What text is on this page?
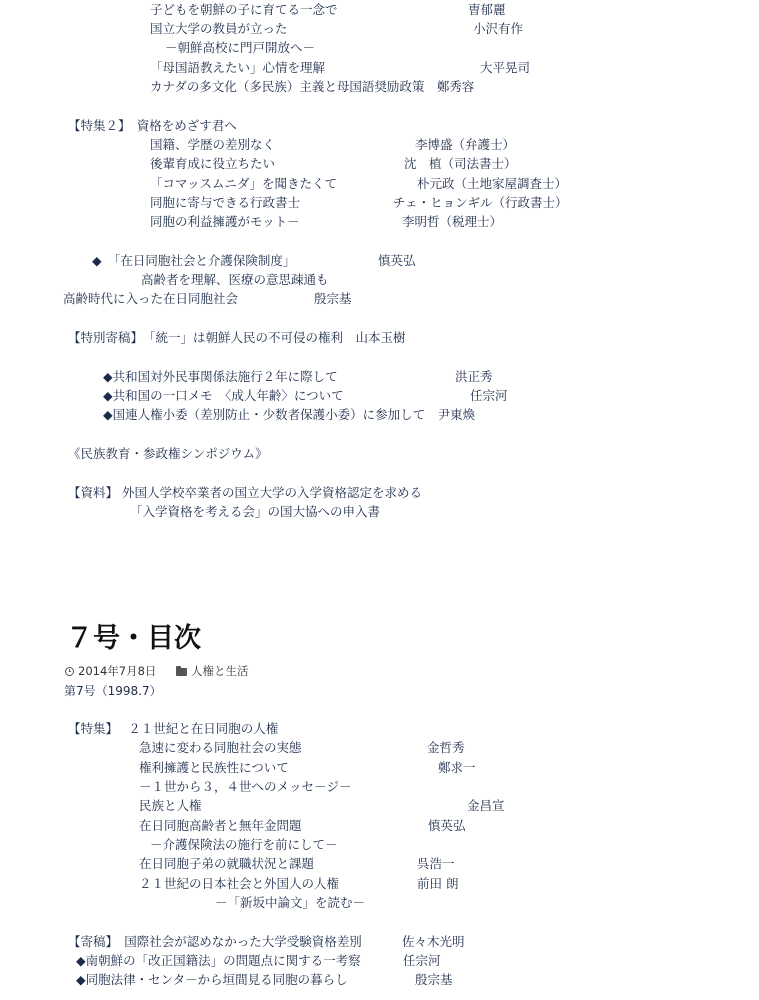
子どもを朝鮮の子に育てる一念で	曺郁麗
国立大学の教員が立った	小沢有作
－朝鮮高校に門戸開放へ－
「母国語教えたい」心情を理解	大平晃司
カナダの多文化（多民族）主義と母国語奨励政策　鄭秀容
【特集２】　資格をめざす君へ
国籍、学歴の差別なく	李博盛（弁護士）
後輩育成に役立ちたい	沈　植（司法書士）
「コマッスムニダ」を聞きたくて	朴元政（土地家屋調査士）
同胞に寄与できる行政書士	チェ・ヒョンギル（行政書士）
同胞の利益擁護がモット－	李明哲（税理士）
◆　「在日同胞社会と介護保険制度」	慎英弘
高齢者を理解、医療の意思疎通も
高齢時代に入った在日同胞社会	殷宗基
【特別寄稿】　「統一」は朝鮮人民の不可侵の権利　山本玉樹
◆共和国対外民事関係法施行２年に際して	洪正秀
◆共和国の一口メモ　〈成人年齢〉について	任宗河
◆国連人権小委（差別防止・少数者保護小委）に参加して　尹東煥
《民族教育・参政権シンポジウム》
【資料】 外国人学校卒業者の国立大学の入学資格認定を求める
「入学資格を考える会」の国大協への申入書
７号・目次
2014年7月8日	人権と生活
第7号（1998.7）
【特集】　 ２１世紀と在日同胞の人権
急速に変わる同胞社会の実態	金哲秀
権利擁護と民族性について	鄭求一
－１世から３，４世へのメッセ－ジ－
民族と人権	金昌宣
在日同胞高齢者と無年金問題	慎英弘
－介護保険法の施行を前にして－
在日同胞子弟の就職状況と課題	呉浩一
２１世紀の日本社会と外国人の人権	前田 朗
－「新坂中論文」を読む－
【寄稿】　国際社会が認めなかった大学受験資格差別	佐々木光明
◆南朝鮮の「改正国籍法」の問題点に関する一考察	任宗河
◆同胞法律・センタ－から垣間見る同胞の暮らし	殷宗基
